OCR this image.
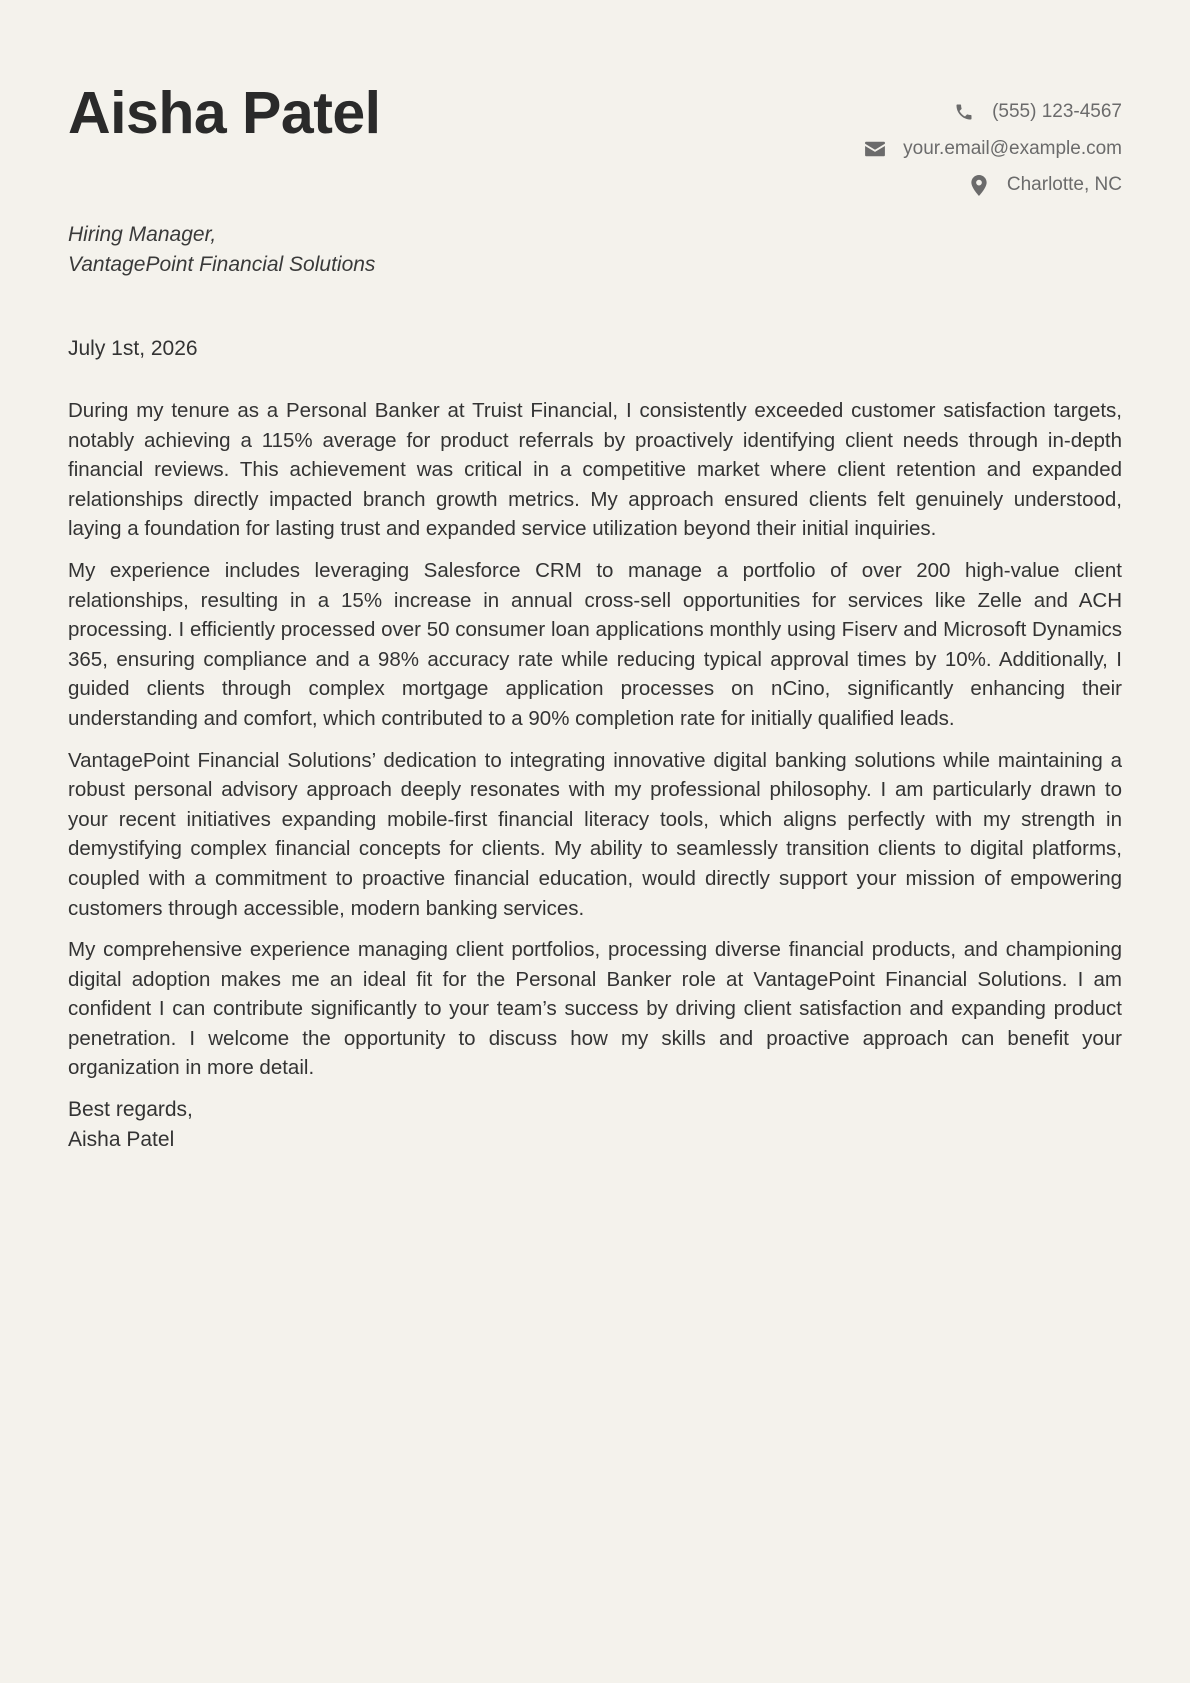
Aisha Patel	(555) 123-4567
your.email@example.com
Charlotte, NC
Hiring Manager,
VantagePoint Financial Solutions
July 1st, 2026

During my tenure as a Personal Banker at Truist Financial, I consistently exceeded customer satisfaction targets, notably achieving a 115% average for product referrals by proactively identifying client needs through in-depth financial reviews. This achievement was critical in a competitive market where client retention and expanded relationships directly impacted branch growth metrics. My approach ensured clients felt genuinely understood, laying a foundation for lasting trust and expanded service utilization beyond their initial inquiries.

My experience includes leveraging Salesforce CRM to manage a portfolio of over 200 high-value client relationships, resulting in a 15% increase in annual cross-sell opportunities for services like Zelle and ACH processing. I efficiently processed over 50 consumer loan applications monthly using Fiserv and Microsoft Dynamics 365, ensuring compliance and a 98% accuracy rate while reducing typical approval times by 10%. Additionally, I guided clients through complex mortgage application processes on nCino, significantly enhancing their understanding and comfort, which contributed to a 90% completion rate for initially qualified leads.

VantagePoint Financial Solutions’ dedication to integrating innovative digital banking solutions while maintaining a robust personal advisory approach deeply resonates with my professional philosophy. I am particularly drawn to your recent initiatives expanding mobile-first financial literacy tools, which aligns perfectly with my strength in demystifying complex financial concepts for clients. My ability to seamlessly transition clients to digital platforms, coupled with a commitment to proactive financial education, would directly support your mission of empowering customers through accessible, modern banking services.

My comprehensive experience managing client portfolios, processing diverse financial products, and championing digital adoption makes me an ideal fit for the Personal Banker role at VantagePoint Financial Solutions. I am confident I can contribute significantly to your team’s success by driving client satisfaction and expanding product penetration. I welcome the opportunity to discuss how my skills and proactive approach can benefit your organization in more detail.

Best regards,
Aisha Patel
